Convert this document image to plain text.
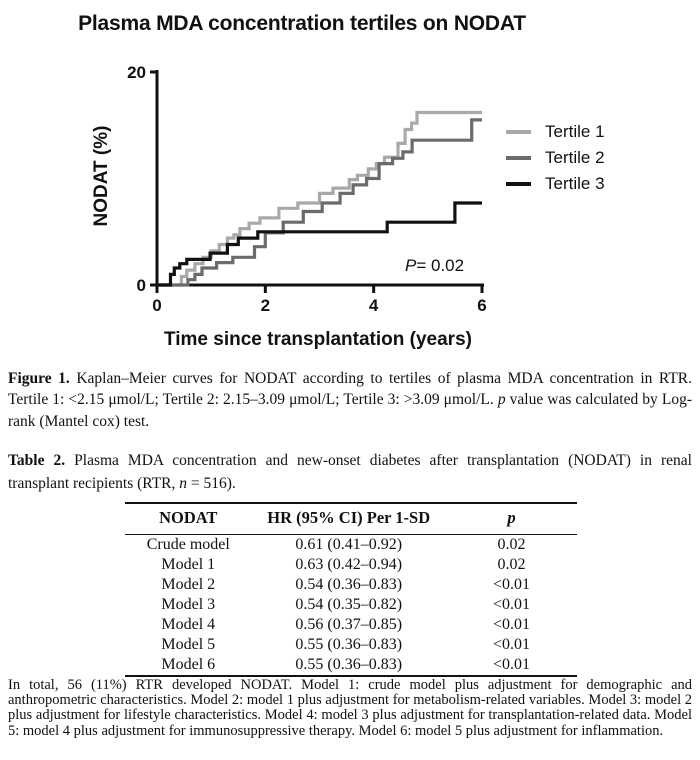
Plasma MDA concentration tertiles on NODAT
0
20
0	2	4	6
NODAT (%)
Time since transplantation (years)
P= 0.02
Tertile 1
Tertile 2
Tertile 3
Figure 1. Kaplan–Meier curves for NODAT according to tertiles of plasma MDA concentration in RTR. Tertile 1: <2.15 μmol/L; Tertile 2: 2.15–3.09 μmol/L; Tertile 3: >3.09 μmol/L. p value was calculated by Log-rank (Mantel cox) test.
Table 2. Plasma MDA concentration and new-onset diabetes after transplantation (NODAT) in renal transplant recipients (RTR, n = 516).
NODAT	HR (95% CI) Per 1-SD	p
Crude model	0.61 (0.41–0.92)	0.02
Model 1	0.63 (0.42–0.94)	0.02
Model 2	0.54 (0.36–0.83)	<0.01
Model 3	0.54 (0.35–0.82)	<0.01
Model 4	0.56 (0.37–0.85)	<0.01
Model 5	0.55 (0.36–0.83)	<0.01
Model 6	0.55 (0.36–0.83)	<0.01
In total, 56 (11%) RTR developed NODAT. Model 1: crude model plus adjustment for demographic and anthropometric characteristics. Model 2: model 1 plus adjustment for metabolism-related variables. Model 3: model 2 plus adjustment for lifestyle characteristics. Model 4: model 3 plus adjustment for transplantation-related data. Model 5: model 4 plus adjustment for immunosuppressive therapy. Model 6: model 5 plus adjustment for inflammation.
